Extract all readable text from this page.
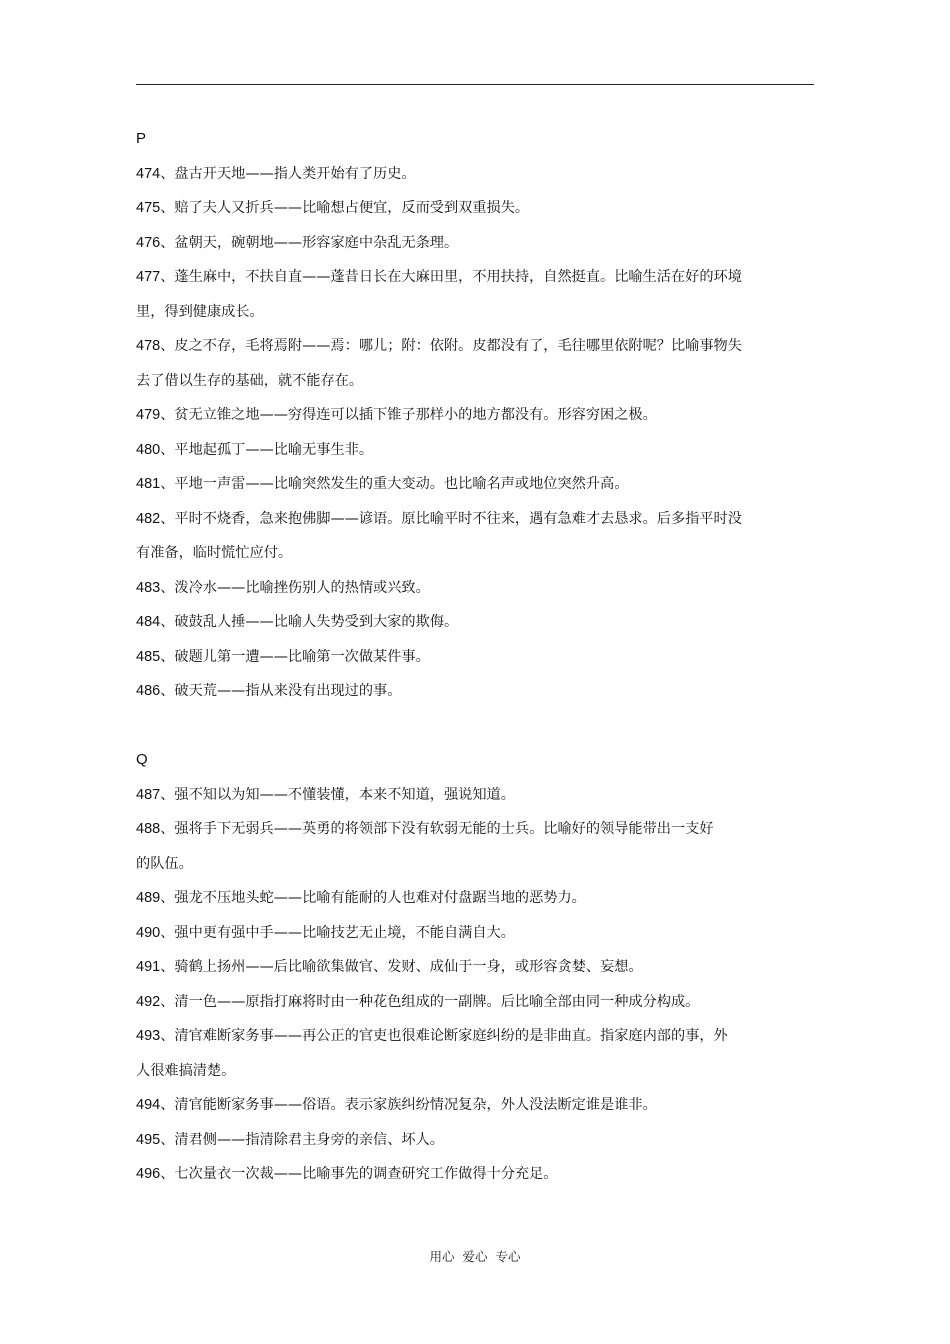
P
474、盘古开天地——指人类开始有了历史。
475、赔了夫人又折兵——比喻想占便宜，反而受到双重损失。
476、盆朝天，碗朝地——形容家庭中杂乱无条理。
477、蓬生麻中，不扶自直——蓬昔日长在大麻田里，不用扶持，自然挺直。比喻生活在好的环境
里，得到健康成长。
478、皮之不存，毛将焉附——焉：哪儿；附：依附。皮都没有了，毛往哪里依附呢？比喻事物失
去了借以生存的基础，就不能存在。
479、贫无立锥之地——穷得连可以插下锥子那样小的地方都没有。形容穷困之极。
480、平地起孤丁——比喻无事生非。
481、平地一声雷——比喻突然发生的重大变动。也比喻名声或地位突然升高。
482、平时不烧香，急来抱佛脚——谚语。原比喻平时不往来，遇有急难才去恳求。后多指平时没
有准备，临时慌忙应付。
483、泼冷水——比喻挫伤别人的热情或兴致。
484、破鼓乱人捶——比喻人失势受到大家的欺侮。
485、破题儿第一遭——比喻第一次做某件事。
486、破天荒——指从来没有出现过的事。
Q
487、强不知以为知——不懂装懂，本来不知道，强说知道。
488、强将手下无弱兵——英勇的将领部下没有软弱无能的士兵。比喻好的领导能带出一支好
的队伍。
489、强龙不压地头蛇——比喻有能耐的人也难对付盘踞当地的恶势力。
490、强中更有强中手——比喻技艺无止境，不能自满自大。
491、骑鹤上扬州——后比喻欲集做官、发财、成仙于一身，或形容贪婪、妄想。
492、清一色——原指打麻将时由一种花色组成的一副牌。后比喻全部由同一种成分构成。
493、清官难断家务事——再公正的官吏也很难论断家庭纠纷的是非曲直。指家庭内部的事，外
人很难搞清楚。
494、清官能断家务事——俗语。表示家族纠纷情况复杂，外人没法断定谁是谁非。
495、清君侧——指清除君主身旁的亲信、坏人。
496、七次量衣一次裁——比喻事先的调查研究工作做得十分充足。
用心  爱心  专心
